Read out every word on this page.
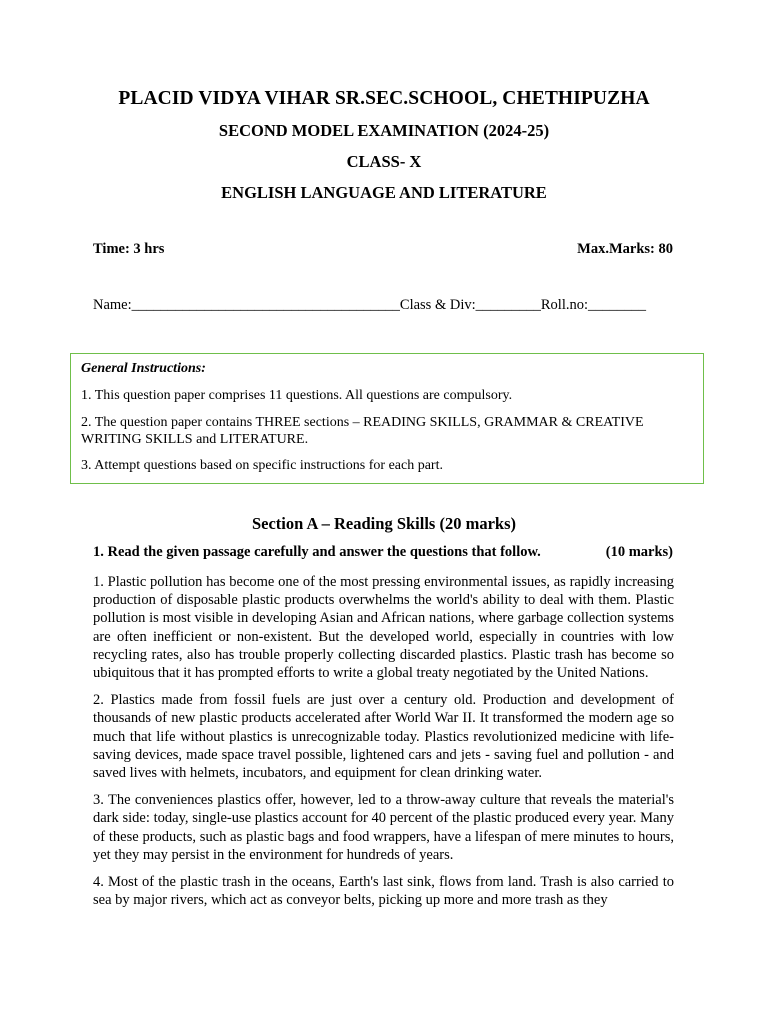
PLACID VIDYA VIHAR SR.SEC.SCHOOL, CHETHIPUZHA
SECOND MODEL EXAMINATION (2024-25)
CLASS- X
ENGLISH LANGUAGE AND LITERATURE
Time: 3 hrs	Max.Marks: 80
Name:_____________________________________Class & Div:_________Roll.no:________
General Instructions:
1. This question paper comprises 11 questions. All questions are compulsory.
2. The question paper contains THREE sections – READING SKILLS, GRAMMAR & CREATIVE WRITING SKILLS and LITERATURE.
3. Attempt questions based on specific instructions for each part.
Section A – Reading Skills (20 marks)
1. Read the given passage carefully and answer the questions that follow.	(10 marks)

1. Plastic pollution has become one of the most pressing environmental issues, as rapidly increasing production of disposable plastic products overwhelms the world's ability to deal with them. Plastic pollution is most visible in developing Asian and African nations, where garbage collection systems are often inefficient or non-existent. But the developed world, especially in countries with low recycling rates, also has trouble properly collecting discarded plastics. Plastic trash has become so ubiquitous that it has prompted efforts to write a global treaty negotiated by the United Nations.

2. Plastics made from fossil fuels are just over a century old. Production and development of thousands of new plastic products accelerated after World War II. It transformed the modern age so much that life without plastics is unrecognizable today. Plastics revolutionized medicine with life-saving devices, made space travel possible, lightened cars and jets - saving fuel and pollution - and saved lives with helmets, incubators, and equipment for clean drinking water.

3. The conveniences plastics offer, however, led to a throw-away culture that reveals the material's dark side: today, single-use plastics account for 40 percent of the plastic produced every year. Many of these products, such as plastic bags and food wrappers, have a lifespan of mere minutes to hours, yet they may persist in the environment for hundreds of years.

4. Most of the plastic trash in the oceans, Earth's last sink, flows from land. Trash is also carried to sea by major rivers, which act as conveyor belts, picking up more and more trash as they
